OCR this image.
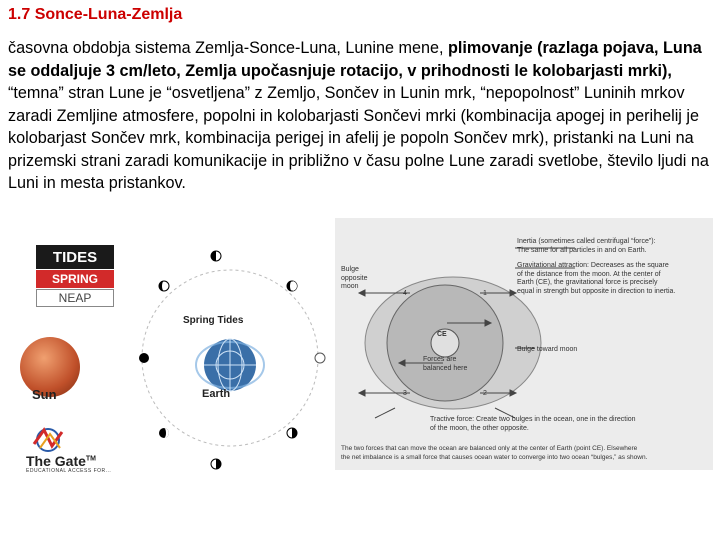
1.7 Sonce-Luna-Zemlja
časovna obdobja sistema Zemlja-Sonce-Luna, Lunine mene, plimovanje (razlaga pojava, Luna se oddaljuje 3 cm/leto, Zemlja upočasnjuje rotacijo, v prihodnosti le kolobarjasti mrki), “temna” stran Lune je “osvetljena” z Zemljo, Sončev in Lunin mrk, “nepopolnost” Luninih mrkov zaradi Zemljine atmosfere, popolni in kolobarjasti Sončevi mrki (kombinacija apogej in perihelij je kolobarjast Sončev mrk, kombinacija perigej in afelij je popoln Sončev mrk), pristanki na Luni na prizemski strani zaradi komunikacije in približno v času polne Lune zaradi svetlobe, število ljudi na Luni in mesta pristankov.
TIDES
SPRING
NEAP
Sun
The Gate™
EDUCATIONAL ACCESS FOR...
Spring Tides
Earth
Inertia (sometimes called centrifugal “force”):
The same for all particles in and on Earth.
Gravitational attraction: Decreases as the square
of the distance from the moon. At the center of
Earth (CE), the gravitational force is precisely
equal in strength but opposite in direction to inertia.
Bulge opposite moon
Bulge toward moon
CE
Forces are balanced here
4	1
3	2
Tractive force: Create two bulges in the ocean, one in the direction
of the moon, the other opposite.
The two forces that can move the ocean are balanced only at the center of Earth (point CE). Elsewhere
the net imbalance is a small force that causes ocean water to converge into two ocean “bulges,” as shown.
